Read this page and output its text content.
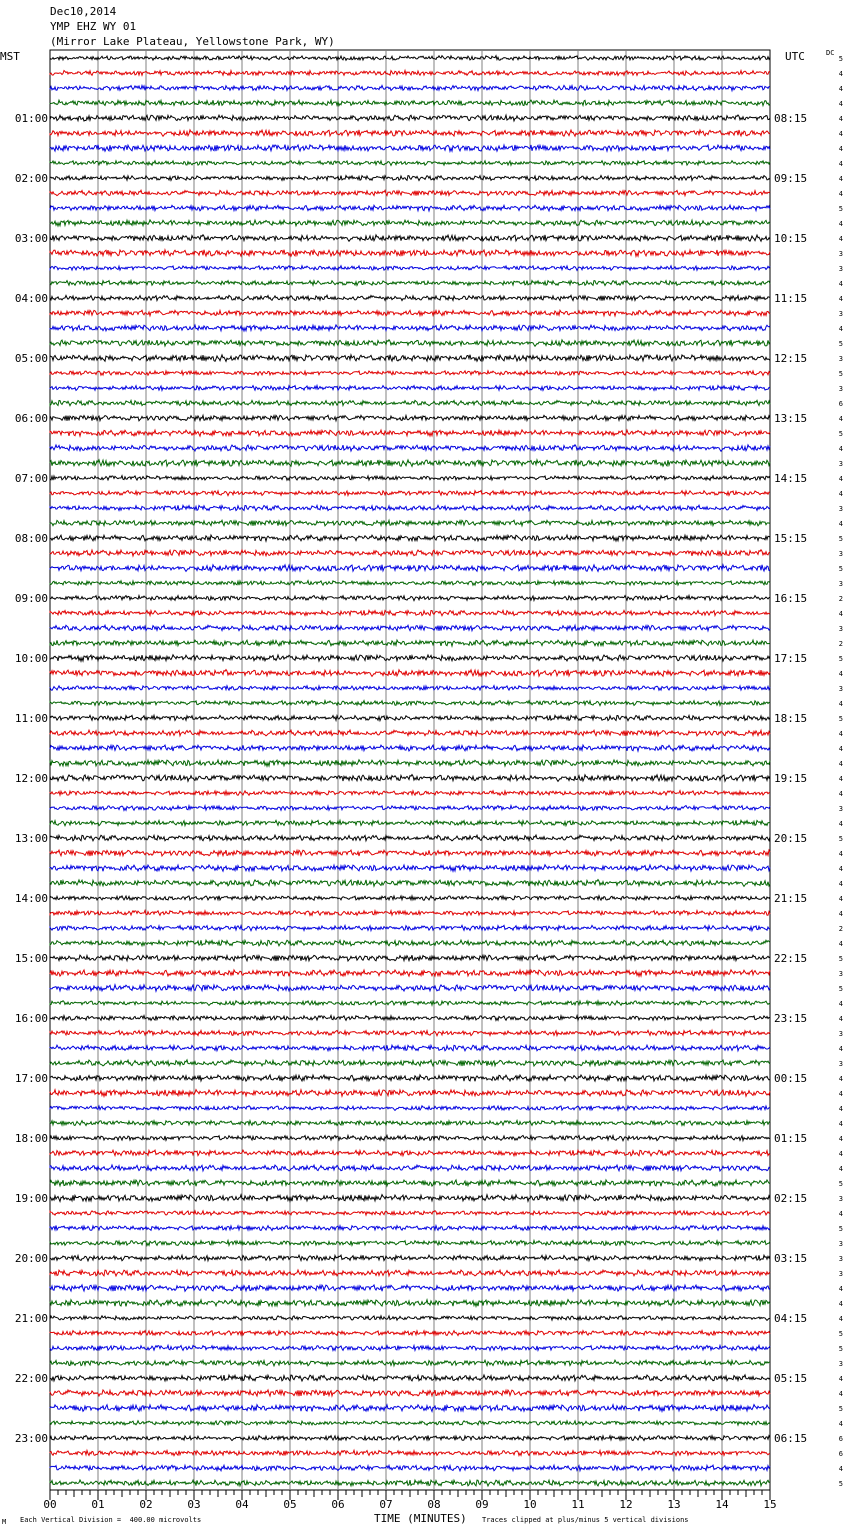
Dec10,2014
YMP EHZ WY 01
(Mirror Lake Plateau, Yellowstone Park, WY)
MST	UTC	DC
00	01	02	03	04	05	06	07	08	09	10	11	12	13	14	15
5
4
4
4
4
4
4
4
4
4
5
4
4
3
3
4
4
3
4
5
3
5
3
6
4
5
4
3
4
4
3
4
5
3
5
3
2
4
3
2
5
4
3
4
5
4
4
4
4
4
3
4
5
4
4
4
4
4
2
4
5
3
5
4
4
3
4
3
4
4
4
4
4
4
4
5
3
4
5
3
3
3
4
4
4
5
5
3
4
4
5
4
6
6
4
5
01:00
02:00
03:00
04:00
05:00
06:00
07:00
08:00
09:00
10:00
11:00
12:00
13:00
14:00
15:00
16:00
17:00
18:00
19:00
20:00
21:00
22:00
23:00
08:15
09:15
10:15
11:15
12:15
13:15
14:15
15:15
16:15
17:15
18:15
19:15
20:15
21:15
22:15
23:15
00:15
01:15
02:15
03:15
04:15
05:15
06:15
M Each Vertical Division =  400.00 microvolts	TIME (MINUTES) Traces clipped at plus/minus 5 vertical divisions
